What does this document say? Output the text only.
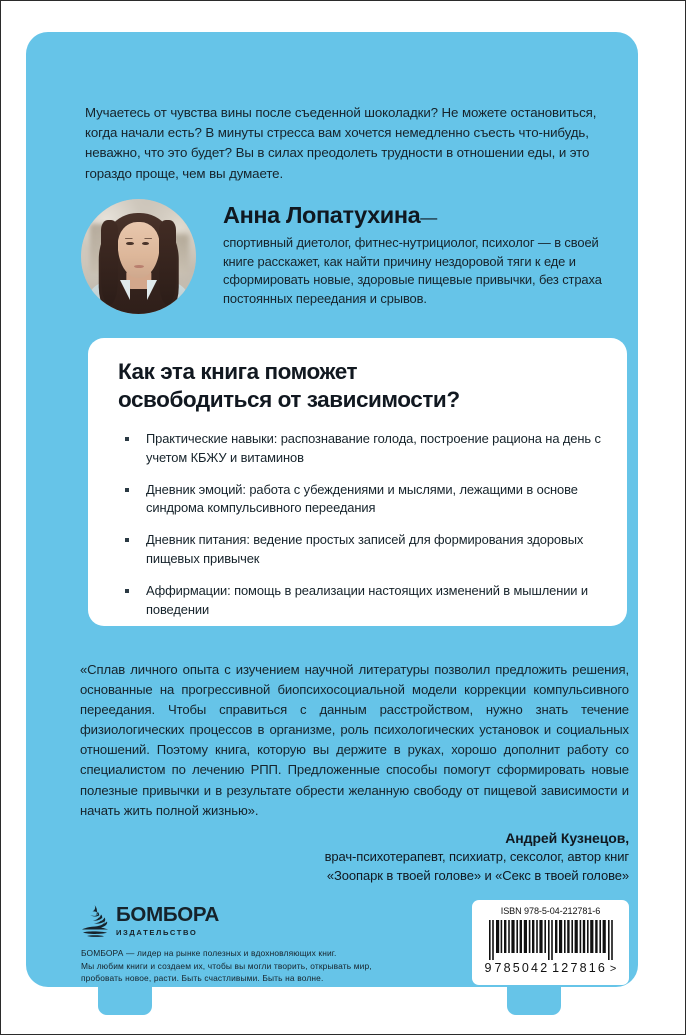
Мучаетесь от чувства вины после съеденной шоколадки? Не можете остановиться, когда начали есть? В минуты стресса вам хочется немедленно съесть что-нибудь, неважно, что это будет? Вы в силах преодолеть трудности в отношении еды, и это гораздо проще, чем вы думаете.

Анна Лопатухина—

спортивный диетолог, фитнес-нутрициолог, психолог — в своей книге расскажет, как найти причину нездоровой тяги к еде и сформировать новые, здоровые пищевые привычки, без страха постоянных переедания и срывов.

Как эта книга поможет
освободиться от зависимости?
Практические навыки: распознавание голода, построение рациона на день с учетом КБЖУ и витаминов
Дневник эмоций: работа с убеждениями и мыслями, лежащими в основе синдрома компульсивного переедания
Дневник питания: ведение простых записей для формирования здоровых пищевых привычек
Аффирмации: помощь в реализации настоящих изменений в мышлении и поведении

«Сплав личного опыта с изучением научной литературы позволил предложить решения, основанные на прогрессивной биопсихосоциальной модели коррекции компульсивного переедания. Чтобы справиться с данным расстройством, нужно знать течение физиологических процессов в организме, роль психологических установок и социальных отношений. Поэтому книга, которую вы держите в руках, хорошо дополнит работу со специалистом по лечению РПП. Предложенные способы помогут сформировать новые полезные привычки и в результате обрести желанную свободу от пищевой зависимости и начать жить полной жизнью».

Андрей Кузнецов,
врач-психотерапевт, психиатр, сексолог, автор книг
«Зоопарк в твоей голове» и «Секс в твоей голове»
БОМБОРА
ИЗДАТЕЛЬСТВО
БОМБОРА — лидер на рынке полезных и вдохновляющих книг.
Мы любим книги и создаем их, чтобы вы могли творить, открывать мир,
пробовать новое, расти. Быть счастливыми. Быть на волне.
ISBN 978-5-04-212781-6
9 785042 127816 >
